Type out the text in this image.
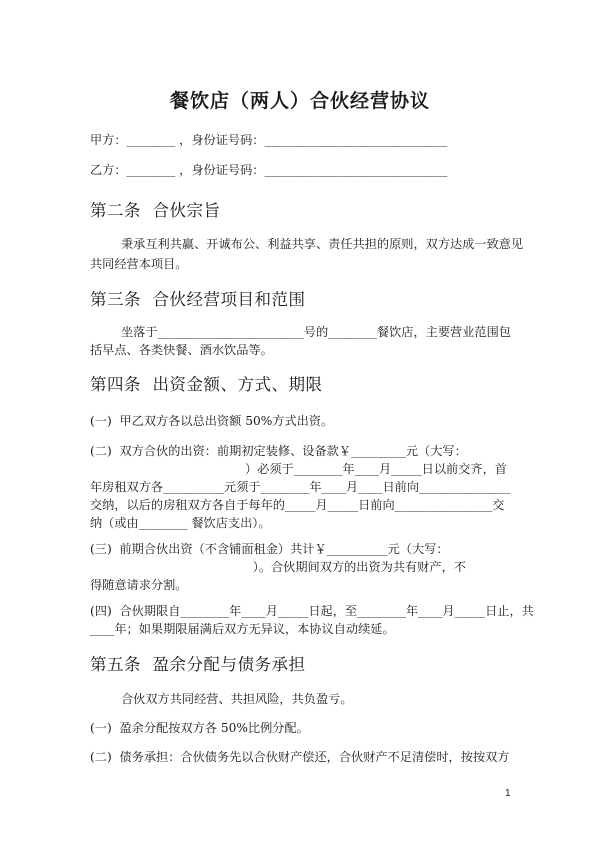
餐饮店（两人）合伙经营协议
甲方：________ ，身份证号码：______________________________
乙方：________ ，身份证号码：______________________________
第二条  合伙宗旨
秉承互利共赢、开诚布公、利益共享、责任共担的原则，双方达成一致意见
共同经营本项目。
第三条  合伙经营项目和范围
坐落于________________________号的________餐饮店，主要营业范围包
括早点、各类快餐、酒水饮品等。
第四条  出资金额、方式、期限
(一)  甲乙双方各以总出资额 50%方式出资。
(二)  双方合伙的出资：前期初定装修、设备款￥_________元（大写：
）必须于________年____月_____日以前交齐，首
年房租双方各__________元须于________年____月____日前向_______________
交纳，以后的房租双方各自于每年的_____月_____日前向________________交
纳（或由________ 餐饮店支出）。
(三)  前期合伙出资（不含铺面租金）共计￥__________元（大写：
）。合伙期间双方的出资为共有财产，不
得随意请求分割。
(四)  合伙期限自________年____月_____日起，至________年____月_____日止，共
____年；如果期限届满后双方无异议，本协议自动续延。
第五条  盈余分配与债务承担
合伙双方共同经营、共担风险，共负盈亏。
(一)  盈余分配按双方各 50%比例分配。
(二)  债务承担：合伙债务先以合伙财产偿还，合伙财产不足清偿时，按按双方
1
